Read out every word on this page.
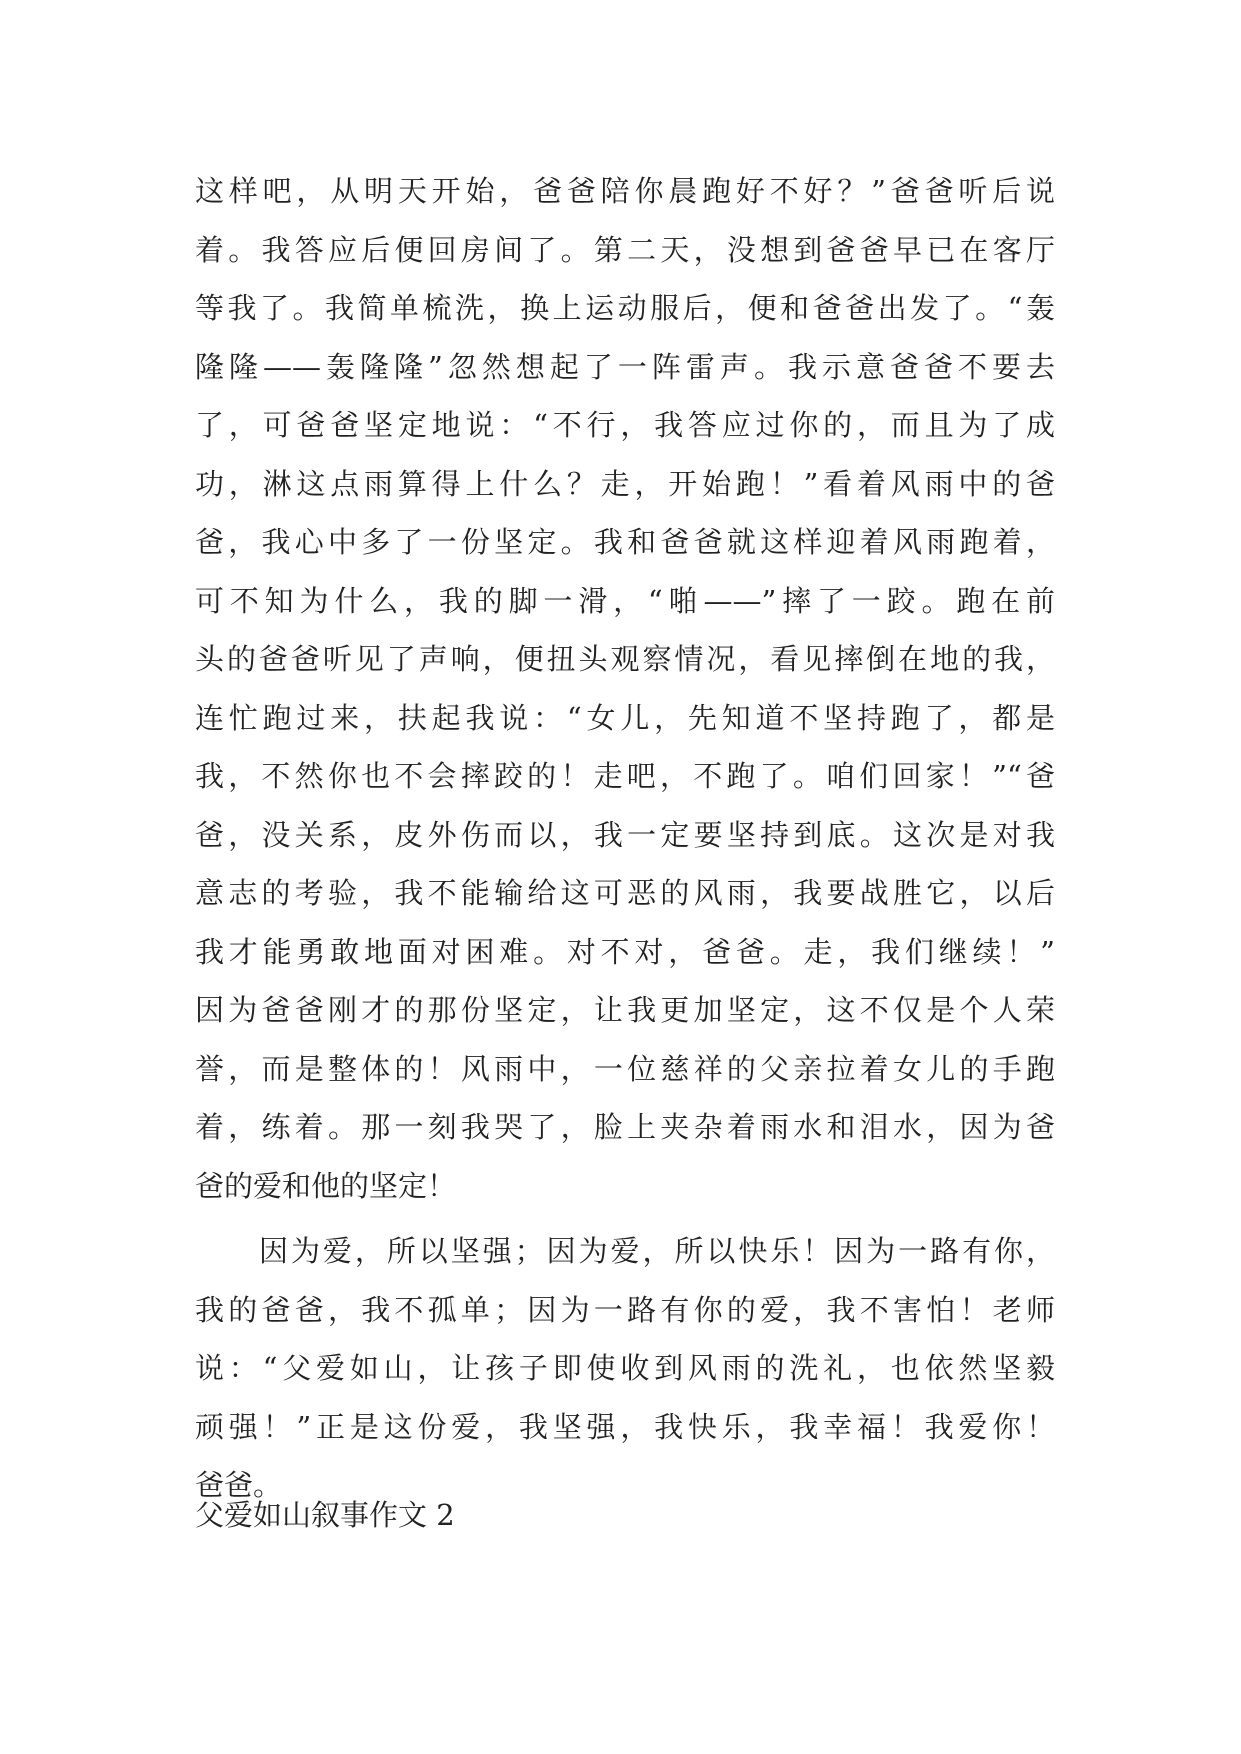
这样吧，从明天开始，爸爸陪你晨跑好不好？”爸爸听后说
着。我答应后便回房间了。第二天，没想到爸爸早已在客厅
等我了。我简单梳洗，换上运动服后，便和爸爸出发了。“轰
隆隆——轰隆隆”忽然想起了一阵雷声。我示意爸爸不要去
了，可爸爸坚定地说：“不行，我答应过你的，而且为了成
功，淋这点雨算得上什么？走，开始跑！”看着风雨中的爸
爸，我心中多了一份坚定。我和爸爸就这样迎着风雨跑着，
可不知为什么，我的脚一滑，“啪——”摔了一跤。跑在前
头的爸爸听见了声响，便扭头观察情况，看见摔倒在地的我，
连忙跑过来，扶起我说：“女儿，先知道不坚持跑了，都是
我，不然你也不会摔跤的！走吧，不跑了。咱们回家！”“爸
爸，没关系，皮外伤而以，我一定要坚持到底。这次是对我
意志的考验，我不能输给这可恶的风雨，我要战胜它，以后
我才能勇敢地面对困难。对不对，爸爸。走，我们继续！”
因为爸爸刚才的那份坚定，让我更加坚定，这不仅是个人荣
誉，而是整体的！风雨中，一位慈祥的父亲拉着女儿的手跑
着，练着。那一刻我哭了，脸上夹杂着雨水和泪水，因为爸
爸的爱和他的坚定！
因为爱，所以坚强；因为爱，所以快乐！因为一路有你，
我的爸爸，我不孤单；因为一路有你的爱，我不害怕！老师
说：“父爱如山，让孩子即使收到风雨的洗礼，也依然坚毅
顽强！”正是这份爱，我坚强，我快乐，我幸福！我爱你！
爸爸。
父爱如山叙事作文 2
